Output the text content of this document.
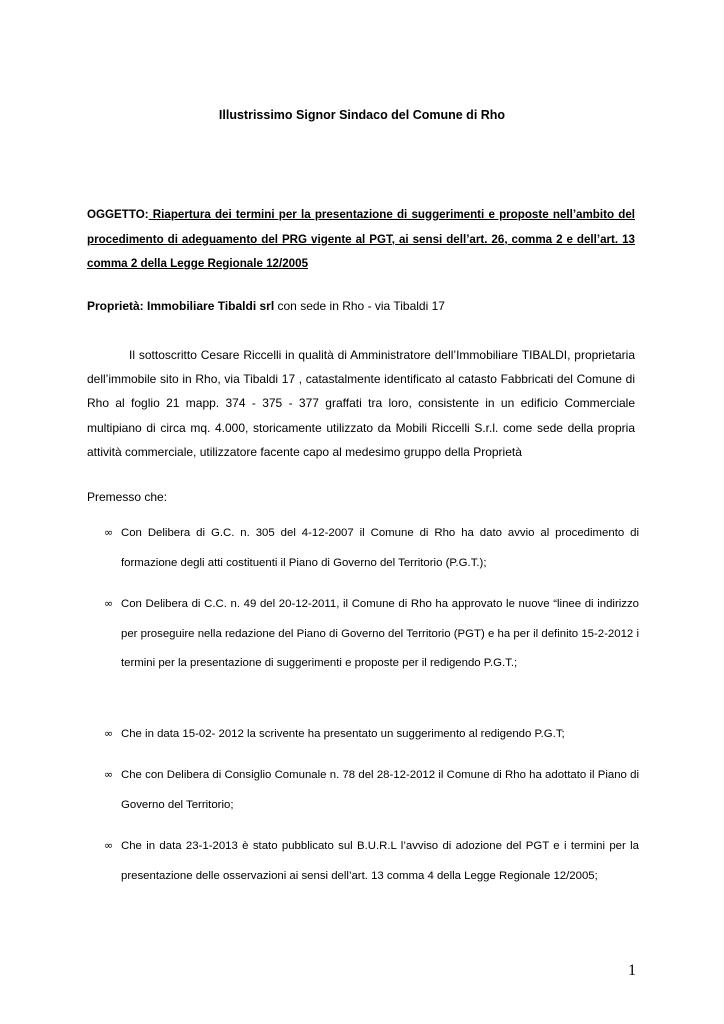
Illustrissimo Signor Sindaco del Comune di Rho
OGGETTO: Riapertura dei termini per la presentazione di suggerimenti e proposte nell’ambito del procedimento di adeguamento del PRG vigente al PGT, ai sensi dell’art. 26, comma 2 e dell’art. 13 comma 2 della Legge Regionale 12/2005
Proprietà: Immobiliare Tibaldi srl con sede in Rho - via Tibaldi 17
Il sottoscritto Cesare Riccelli in qualità di Amministratore dell’Immobiliare TIBALDI, proprietaria dell’immobile sito in Rho, via Tibaldi 17 , catastalmente identificato al catasto Fabbricati del Comune di Rho al foglio 21 mapp. 374 - 375 - 377 graffati tra loro, consistente in un edificio Commerciale multipiano di circa mq. 4.000, storicamente utilizzato da Mobili Riccelli S.r.l. come sede della propria attività commerciale, utilizzatore facente capo al medesimo gruppo della Proprietà
Premesso che:
∞ Con Delibera di G.C. n. 305 del 4-12-2007 il Comune di Rho ha dato avvio al procedimento di formazione degli atti costituenti il Piano di Governo del Territorio (P.G.T.);
∞ Con Delibera di C.C. n. 49 del 20-12-2011, il Comune di Rho ha approvato le nuove “linee di indirizzo per proseguire nella redazione del Piano di Governo del Territorio (PGT) e ha per il definito 15-2-2012 i termini per la presentazione di suggerimenti e proposte per il redigendo P.G.T.;
∞ Che in data 15-02- 2012 la scrivente ha presentato un suggerimento al redigendo P.G.T;
∞ Che con Delibera di Consiglio Comunale n. 78 del 28-12-2012 il Comune di Rho ha adottato il Piano di Governo del Territorio;
∞ Che in data 23-1-2013 è stato pubblicato sul B.U.R.L l’avviso di adozione del PGT e i termini per la presentazione delle osservazioni ai sensi dell’art. 13 comma 4 della Legge Regionale 12/2005;
1
